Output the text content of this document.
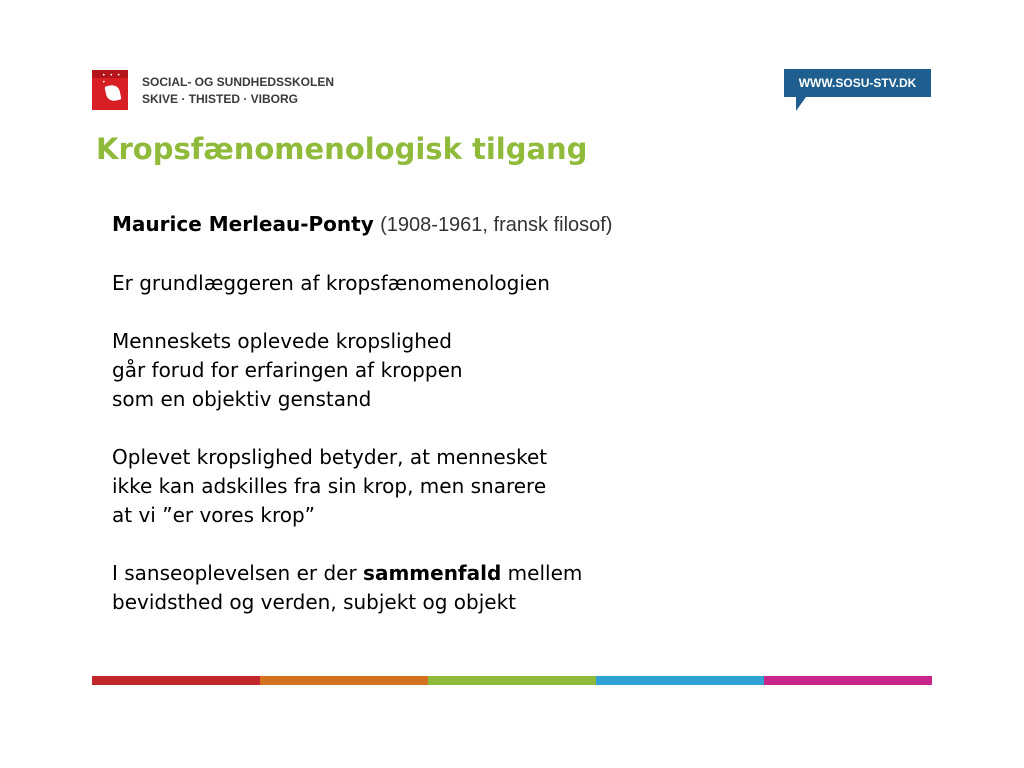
• • • •	SOCIAL- OG SUNDHEDSSKOLEN
SKIVE · THISTED · VIBORG
WWW.SOSU-STV.DK
Kropsfænomenologisk tilgang

Maurice Merleau-Ponty (1908-1961, fransk filosof)

Er grundlæggeren af kropsfænomenologien

Menneskets oplevede kropslighed

går forud for erfaringen af kroppen

som en objektiv genstand

Oplevet kropslighed betyder, at mennesket

ikke kan adskilles fra sin krop, men snarere

at vi ”er vores krop”

I sanseoplevelsen er der sammenfald mellem

bevidsthed og verden, subjekt og objekt
